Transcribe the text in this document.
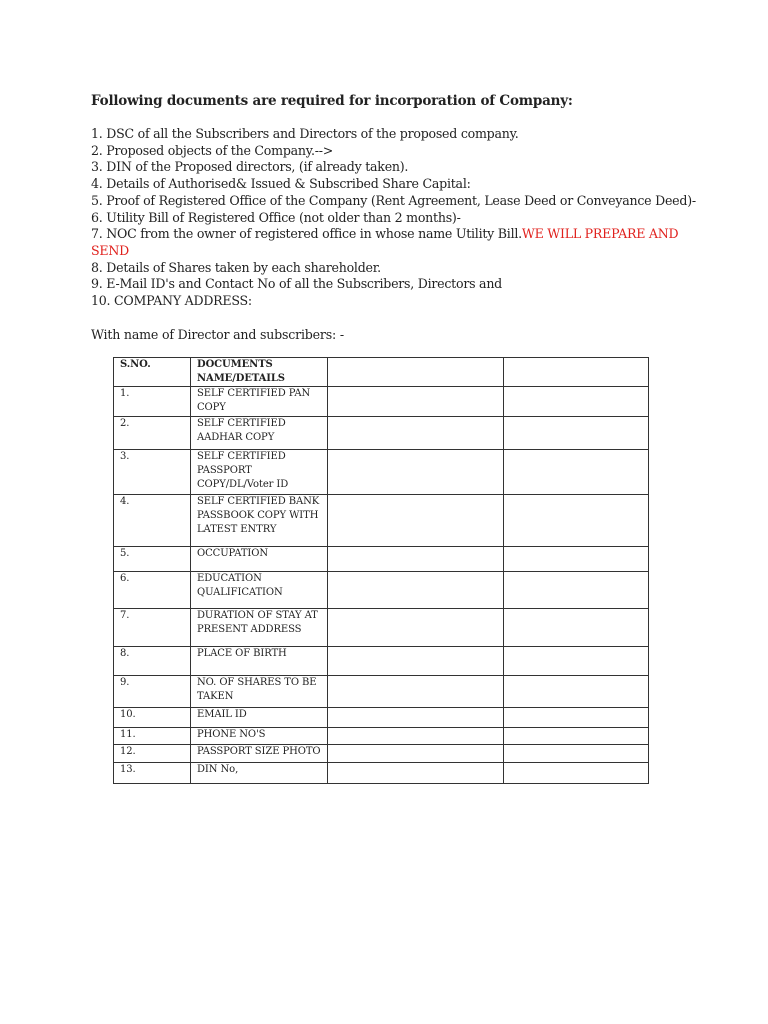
Following documents are required for incorporation of Company:
1. DSC of all the Subscribers and Directors of the proposed company.
2. Proposed objects of the Company.-->
3. DIN of the Proposed directors, (if already taken).
4. Details of Authorised& Issued & Subscribed Share Capital:
5. Proof of Registered Office of the Company (Rent Agreement, Lease Deed or Conveyance Deed)-
6. Utility Bill of Registered Office (not older than 2 months)-
7. NOC from the owner of registered office in whose name Utility Bill.WE WILL PREPARE AND SEND
8. Details of Shares taken by each shareholder.
9. E-Mail ID's and Contact No of all the Subscribers, Directors and
10. COMPANY ADDRESS:
With name of Director and subscribers: -
S.NO.	DOCUMENTS NAME/DETAILS		
1.	SELF CERTIFIED PAN COPY		
2.	SELF CERTIFIED AADHAR COPY		
3.	SELF CERTIFIED PASSPORT COPY/DL/Voter ID		
4.	SELF CERTIFIED BANK PASSBOOK COPY WITH LATEST ENTRY		
5.	OCCUPATION		
6.	EDUCATION QUALIFICATION		
7.	DURATION OF STAY AT PRESENT ADDRESS		
8.	PLACE OF BIRTH		
9.	NO. OF SHARES TO BE TAKEN		
10.	EMAIL ID		
11.	PHONE NO'S		
12.	PASSPORT SIZE PHOTO		
13.	DIN No,		
